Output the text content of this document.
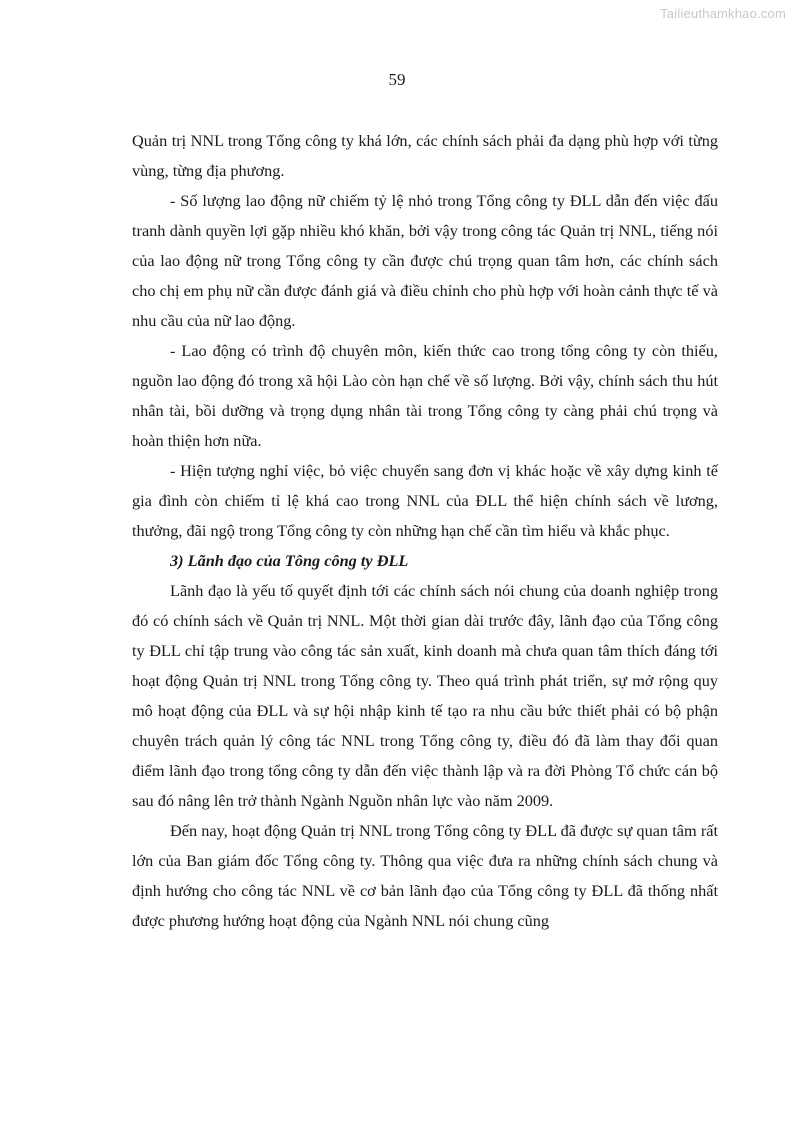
Tailieuthamkhao.com
59

Quản trị NNL trong Tổng công ty khá lớn, các chính sách phải đa dạng phù hợp với từng vùng, từng địa phương.

- Số lượng lao động nữ chiếm tỷ lệ nhỏ trong Tổng công ty ĐLL dẫn đến việc đấu tranh dành quyền lợi gặp nhiều khó khăn, bởi vậy trong công tác Quản trị NNL, tiếng nói của lao động nữ trong Tổng công ty cần được chú trọng quan tâm hơn, các chính sách cho chị em phụ nữ cần được đánh giá và điều chỉnh cho phù hợp với hoàn cảnh thực tế và nhu cầu của nữ lao động.

- Lao động có trình độ chuyên môn, kiến thức cao trong tổng công ty còn thiếu, nguồn lao động đó trong xã hội Lào còn hạn chế về số lượng. Bởi vậy, chính sách thu hút nhân tài, bồi dưỡng và trọng dụng nhân tài trong Tổng công ty càng phải chú trọng và hoàn thiện hơn nữa.

- Hiện tượng nghỉ việc, bỏ việc chuyển sang đơn vị khác hoặc về xây dựng kinh tế gia đình còn chiếm tỉ lệ khá cao trong NNL của ĐLL thể hiện chính sách về lương, thưởng, đãi ngộ trong Tổng công ty còn những hạn chế cần tìm hiểu và khắc phục.

3) Lãnh đạo của Tông công ty ĐLL

Lãnh đạo là yếu tố quyết định tới các chính sách nói chung của doanh nghiệp trong đó có chính sách về Quản trị NNL. Một thời gian dài trước đây, lãnh đạo của Tổng công ty ĐLL chỉ tập trung vào công tác sản xuất, kinh doanh mà chưa quan tâm thích đáng tới hoạt động Quản trị NNL trong Tổng công ty. Theo quá trình phát triển, sự mở rộng quy mô hoạt động của ĐLL và sự hội nhập kinh tế tạo ra nhu cầu bức thiết phải có bộ phận chuyên trách quản lý công tác NNL trong Tổng công ty, điều đó đã làm thay đổi quan điểm lãnh đạo trong tổng công ty dẫn đến việc thành lập và ra đời Phòng Tổ chức cán bộ sau đó nâng lên trở thành Ngành Nguồn nhân lực vào năm 2009.

Đến nay, hoạt động Quản trị NNL trong Tổng công ty ĐLL đã được sự quan tâm rất lớn của Ban giám đốc Tổng công ty. Thông qua việc đưa ra những chính sách chung và định hướng cho công tác NNL về cơ bản lãnh đạo của Tổng công ty ĐLL đã thống nhất được phương hướng hoạt động của Ngành NNL nói chung cũng
